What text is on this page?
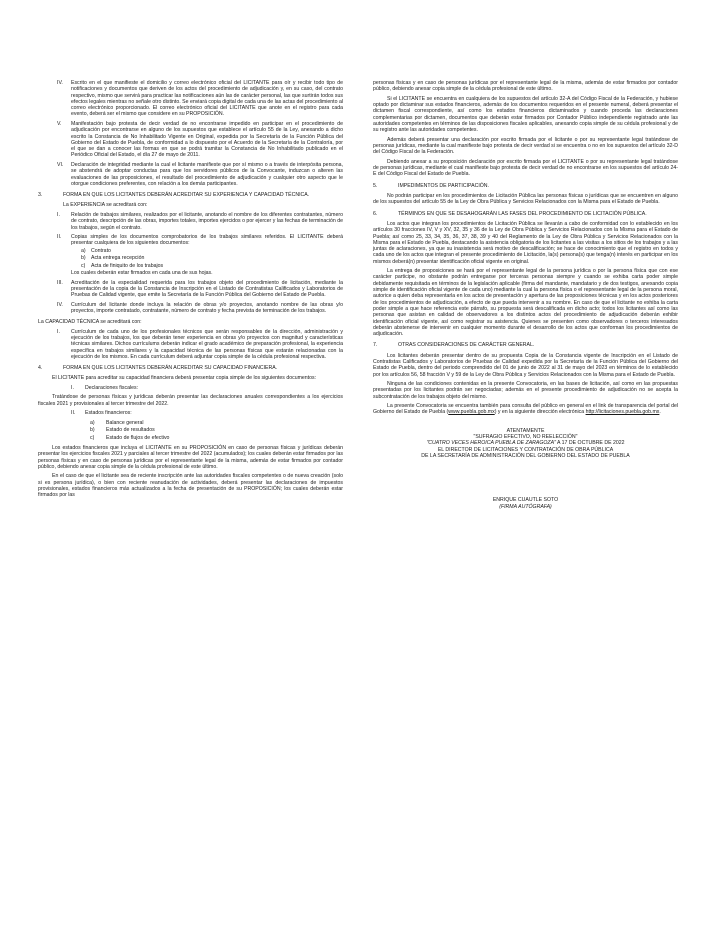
IV.	Escrito en el que manifieste el domicilio y correo electrónico oficial del LICITANTE para oír y recibir todo tipo de notificaciones y documentos que deriven de los actos del procedimiento de adjudicación y, en su caso, del contrato respectivo, mismo que servirá para practicar las notificaciones aún las de carácter personal, las que surtirán todos sus efectos legales mientras no señale otro distinto. Se enviará copia digital de cada una de las actas del procedimiento al correo electrónico proporcionado. El correo electrónico oficial del LICITANTE que anote en el registro para cada evento, deberá ser el mismo que considere en su PROPOSICIÓN.
V.	Manifestación bajo protesta de decir verdad de no encontrarse impedido en participar en el procedimiento de adjudicación por encontrarse en alguno de los supuestos que establece el artículo 55 de la Ley, anexando a dicho escrito la Constancia de No Inhabilitado Vigente en Original, expedida por la Secretaría de la Función Pública del Gobierno del Estado de Puebla, de conformidad a lo dispuesto por el Acuerdo de la Secretaría de la Contraloría, por el que se dan a conocer las formas en que se podrá tramitar la Constancia de No Inhabilitado publicado en el Periódico Oficial del Estado, el día 27 de mayo de 2011.
VI.	Declaración de integridad mediante la cual el licitante manifieste que por sí mismo o a través de interpósita persona, se abstendrá de adoptar conductas para que los servidores públicos de la Convocante, induzcan o alteren las evaluaciones de las proposiciones, el resultado del procedimiento de adjudicación y cualquier otro aspecto que le otorgue condiciones preferentes, con relación a los demás participantes.
3.	FORMA EN QUE LOS LICITANTES DEBERÁN ACREDITAR SU EXPERIENCIA Y CAPACIDAD TÉCNICA.

La EXPERIENCIA se acreditará con:

I.	Relación de trabajos similares, realizados por el licitante, anotando el nombre de los diferentes contratantes, número de contrato, descripción de las obras, importes totales, importes ejercidos o por ejercer y las fechas de terminación de los trabajos, según el contrato.
II.	Copias simples de los documentos comprobatorios de los trabajos similares referidos. El LICITANTE deberá presentar cualquiera de los siguientes documentos:
a)	Contrato
b)	Acta entrega recepción
c)	Acta de finiquito de los trabajos

Los cuales deberán estar firmados en cada una de sus hojas.

III.	Acreditación de la especialidad requerida para los trabajos objeto del procedimiento de licitación, mediante la presentación de la copia de la Constancia de Inscripción en el Listado de Contratistas Calificados y Laboratorios de Pruebas de Calidad vigente, que emite la Secretaría de la Función Pública del Gobierno del Estado de Puebla.
IV.	Currículum del licitante donde incluya la relación de obras y/o proyectos, anotando nombre de las obras y/o proyectos, importe contratado, contratante, número de contrato y fecha prevista de terminación de los trabajos.

La CAPACIDAD TÉCNICA se acreditará con:

I.	Currículum de cada uno de los profesionales técnicos que serán responsables de la dirección, administración y ejecución de los trabajos, los que deberán tener experiencia en obras y/o proyectos con magnitud y características técnicas similares. Dichos currículums deberán indicar el grado académico de preparación profesional, la experiencia específica en trabajos similares y la capacidad técnica de las personas físicas que estarán relacionadas con la ejecución de los mismos. En cada currículum deberá adjuntar copia simple de la cédula profesional respectiva.
4.	FORMA EN QUE LOS LICITANTES DEBERÁN ACREDITAR SU CAPACIDAD FINANCIERA.

El LICITANTE para acreditar su capacidad financiera deberá presentar copia simple de los siguientes documentos:

I.	Declaraciones fiscales:

Tratándose de personas físicas y jurídicas deberán presentar las declaraciones anuales correspondientes a los ejercicios fiscales 2021 y provisionales al tercer trimestre del 2022.

II.	Estados financieros:
a)	Balance general
b)	Estado de resultados
c)	Estado de flujos de efectivo

Los estados financieros que incluya el LICITANTE en su PROPOSICIÓN en caso de personas físicas y jurídicas deberán presentar los ejercicios fiscales 2021 y parciales al tercer trimestre del 2022 (acumulados); los cuales deberán estar firmados por las personas físicas y en caso de personas jurídicas por el representante legal de la misma, además de estar firmados por contador público, debiendo anexar copia simple de la cédula profesional de este último.

En el caso de que el licitante sea de reciente inscripción ante las autoridades fiscales competentes o de nueva creación (solo si es persona jurídica), o bien con reciente reanudación de actividades, deberá presentar las declaraciones de impuestos provisionales, estados financieros más actualizados a la fecha de presentación de su PROPOSICIÓN; los cuales deberán estar firmados por las

personas físicas y en caso de personas jurídicas por el representante legal de la misma, además de estar firmados por contador público, debiendo anexar copia simple de la cédula profesional de este último.

Si el LICITANTE se encuentra en cualquiera de los supuestos del artículo 32-A del Código Fiscal de la Federación, y hubiese optado por dictaminar sus estados financieros, además de los documentos requeridos en el presente numeral, deberá presentar el dictamen fiscal correspondiente, así como los estados financieros dictaminados y cuando proceda las declaraciones complementarias por dictamen, documentos que deberán estar firmados por Contador Público independiente registrado ante las autoridades competentes en términos de las disposiciones fiscales aplicables, anexando copia simple de su cédula profesional y de su registro ante las autoridades competentes.

Además deberá presentar una declaración por escrito firmada por el licitante o por su representante legal tratándose de personas jurídicas, mediante la cual manifieste bajo protesta de decir verdad si se encuentra o no en los supuestos del artículo 32-D del Código Fiscal de la Federación.

Debiendo anexar a su proposición declaración por escrito firmada por el LICITANTE o por su representante legal tratándose de personas jurídicas, mediante el cual manifieste bajo protesta de decir verdad de no encontrarse en los supuestos del artículo 24-E del Código Fiscal del Estado de Puebla.

5.	IMPEDIMENTOS DE PARTICIPACIÓN.

No podrán participar en los procedimientos de Licitación Pública las personas físicas o jurídicas que se encuentren en alguno de los supuestos del artículo 55 de la Ley de Obra Pública y Servicios Relacionados con la Misma para el Estado de Puebla.

6.	TÉRMINOS EN QUE SE DESAHOGARÁN LAS FASES DEL PROCEDIMIENTO DE LICITACIÓN PÚBLICA.

Los actos que integran los procedimientos de Licitación Pública se llevarán a cabo de conformidad con lo establecido en los artículos 30 fracciones IV, V y XV, 32, 35 y 36 de la Ley de Obra Pública y Servicios Relacionados con la Misma para el Estado de Puebla; así como 25, 33, 34, 35, 36, 37, 38, 39 y 40 del Reglamento de la Ley de Obra Pública y Servicios Relacionados con la Misma para el Estado de Puebla, destacando la asistencia obligatoria de los licitantes a las visitas a los sitios de los trabajos y a las juntas de aclaraciones, ya que su inasistencia será motivo de descalificación; se hace de conocimiento que el registro en todos y cada uno de los actos que integran el presente procedimiento de Licitación, la(s) persona(s) que tenga(n) interés en participar en los mismos deberá(n) presentar identificación oficial vigente en original.

La entrega de proposiciones se hará por el representante legal de la persona jurídica o por la persona física que con ese carácter participe, no obstante podrán entregarse por terceras personas siempre y cuando se exhiba carta poder simple debidamente requisitada en términos de la legislación aplicable (firma del mandante, mandatario y de dos testigos, anexando copia simple de identificación oficial vigente de cada uno) mediante la cual la persona física o el representante legal de la persona moral, autorice a quien deba representarla en los actos de presentación y apertura de las proposiciones técnicas y en los actos posteriores de los procedimientos de adjudicación, a efecto de que pueda intervenir a su nombre. En caso de que el licitante no exhiba la carta poder simple a que hace referencia este párrafo, su propuesta será descalificada en dicho acto; todos los licitantes así como las personas que asistan en calidad de observadores a los distintos actos del procedimiento de adjudicación deberán exhibir identificación oficial vigente, así como registrar su asistencia. Quienes se presenten como observadores o terceros interesados deberán abstenerse de intervenir en cualquier momento durante el desarrollo de los actos que conforman los procedimientos de adjudicación.

7.	OTRAS CONSIDERACIONES DE CARÁCTER GENERAL.

Los licitantes deberán presentar dentro de su propuesta Copia de la Constancia vigente de Inscripción en el Listado de Contratistas Calificados y Laboratorios de Pruebas de Calidad expedida por la Secretaría de la Función Pública del Gobierno del Estado de Puebla, dentro del periodo comprendido del 01 de junio de 2022 al 31 de mayo del 2023 en términos de lo establecido por los artículos 56, 58 fracción V y 59 de la Ley de Obra Pública y Servicios Relacionados con la Misma para el Estado de Puebla.

Ninguna de las condiciones contenidas en la presente Convocatoria, en las bases de licitación, así como en las propuestas presentadas por los licitantes podrán ser negociadas; además en el presente procedimiento de adjudicación no se acepta la subcontratación de los trabajos objeto del mismo.

La presente Convocatoria se encuentra también para consulta del público en general en el link de transparencia del portal del Gobierno del Estado de Puebla (www.puebla.gob.mx) y en la siguiente dirección electrónica http://licitaciones.puebla.gob.mx.

ATENTAMENTE
"SUFRAGIO EFECTIVO, NO REELECCIÓN"
"CUATRO VECES HEROICA PUEBLA DE ZARAGOZA" A 17 DE OCTUBRE DE 2022
EL DIRECTOR DE LICITACIONES Y CONTRATACIÓN DE OBRA PÚBLICA
DE LA SECRETARÍA DE ADMINISTRACIÓN DEL GOBIERNO DEL ESTADO DE PUEBLA
ENRIQUE CUAUTLE SOTO
(FIRMA AUTÓGRAFA)
